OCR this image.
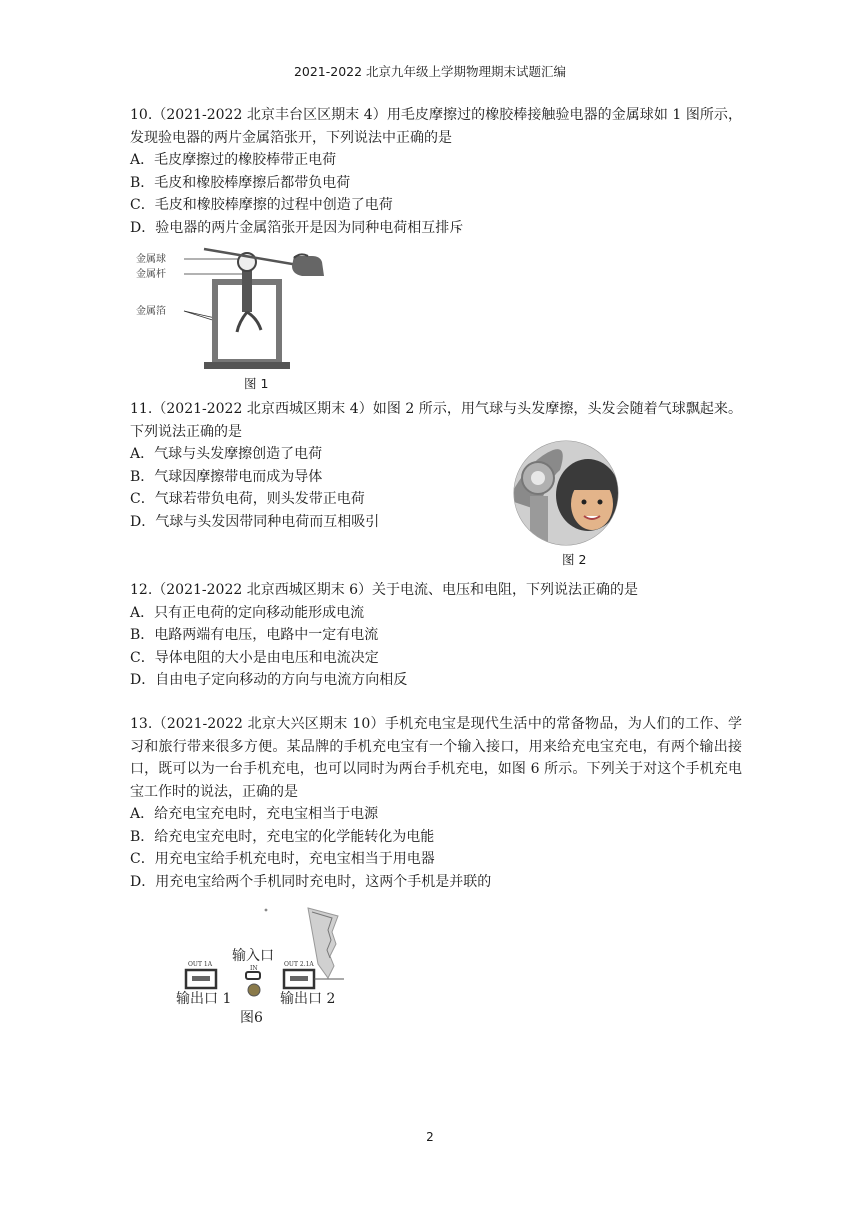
2021-2022 北京九年级上学期物理期末试题汇编

10.（2021-2022 北京丰台区区期末 4）用毛皮摩擦过的橡胶棒接触验电器的金属球如 1 图所示，发现验电器的两片金属箔张开，下列说法中正确的是

A．毛皮摩擦过的橡胶棒带正电荷

B．毛皮和橡胶棒摩擦后都带负电荷

C．毛皮和橡胶棒摩擦的过程中创造了电荷

D．验电器的两片金属箔张开是因为同种电荷相互排斥

金属球
金属杆
金属箔
图 1

11.（2021-2022 北京西城区期末 4）如图 2 所示，用气球与头发摩擦，头发会随着气球飘起来。下列说法正确的是

A．气球与头发摩擦创造了电荷

B．气球因摩擦带电而成为导体

C．气球若带负电荷，则头发带正电荷

D．气球与头发因带同种电荷而互相吸引

图 2

12.（2021-2022 北京西城区期末 6）关于电流、电压和电阻，下列说法正确的是

A．只有正电荷的定向移动能形成电流

B．电路两端有电压，电路中一定有电流

C．导体电阻的大小是由电压和电流决定

D．自由电子定向移动的方向与电流方向相反

13.（2021-2022 北京大兴区期末 10）手机充电宝是现代生活中的常备物品，为人们的工作、学习和旅行带来很多方便。某品牌的手机充电宝有一个输入接口，用来给充电宝充电，有两个输出接口，既可以为一台手机充电，也可以同时为两台手机充电，如图 6 所示。下列关于对这个手机充电宝工作时的说法，正确的是

A．给充电宝充电时，充电宝相当于电源

B．给充电宝充电时，充电宝的化学能转化为电能

C．用充电宝给手机充电时，充电宝相当于用电器

D．用充电宝给两个手机同时充电时，这两个手机是并联的

输入口
OUT 1A
IN
OUT 2.1A
输出口 1	输出口 2
图6
2
